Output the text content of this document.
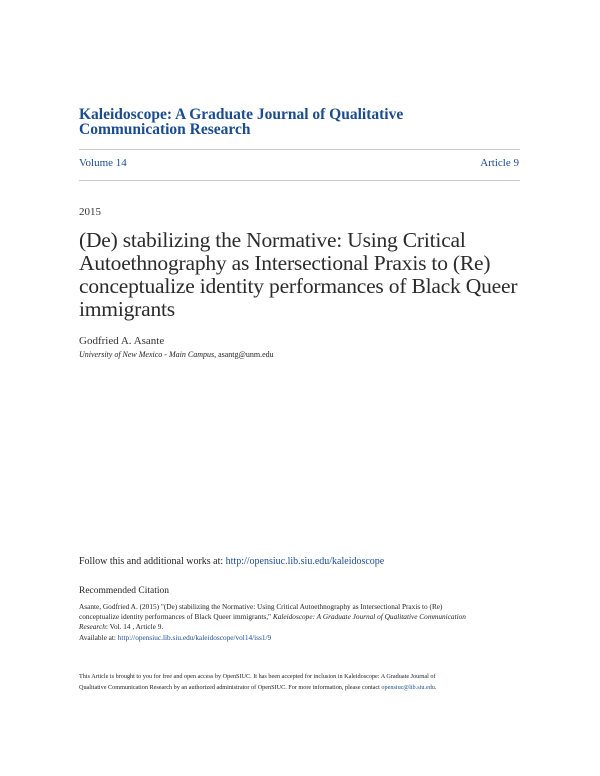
Kaleidoscope: A Graduate Journal of Qualitative
Communication Research
Volume 14	Article 9
2015
(De) stabilizing the Normative: Using Critical Autoethnography as Intersectional Praxis to (Re) conceptualize identity performances of Black Queer immigrants
Godfried A. Asante
University of New Mexico - Main Campus, asantg@unm.edu
Follow this and additional works at: http://opensiuc.lib.siu.edu/kaleidoscope
Recommended Citation
Asante, Godfried A. (2015) "(De) stabilizing the Normative: Using Critical Autoethnography as Intersectional Praxis to (Re)
conceptualize identity performances of Black Queer immigrants," Kaleidoscope: A Graduate Journal of Qualitative Communication
Research: Vol. 14 , Article 9.
Available at: http://opensiuc.lib.siu.edu/kaleidoscope/vol14/iss1/9
This Article is brought to you for free and open access by OpenSIUC. It has been accepted for inclusion in Kaleidoscope: A Graduate Journal of
Qualitative Communication Research by an authorized administrator of OpenSIUC. For more information, please contact opensiuc@lib.siu.edu.
